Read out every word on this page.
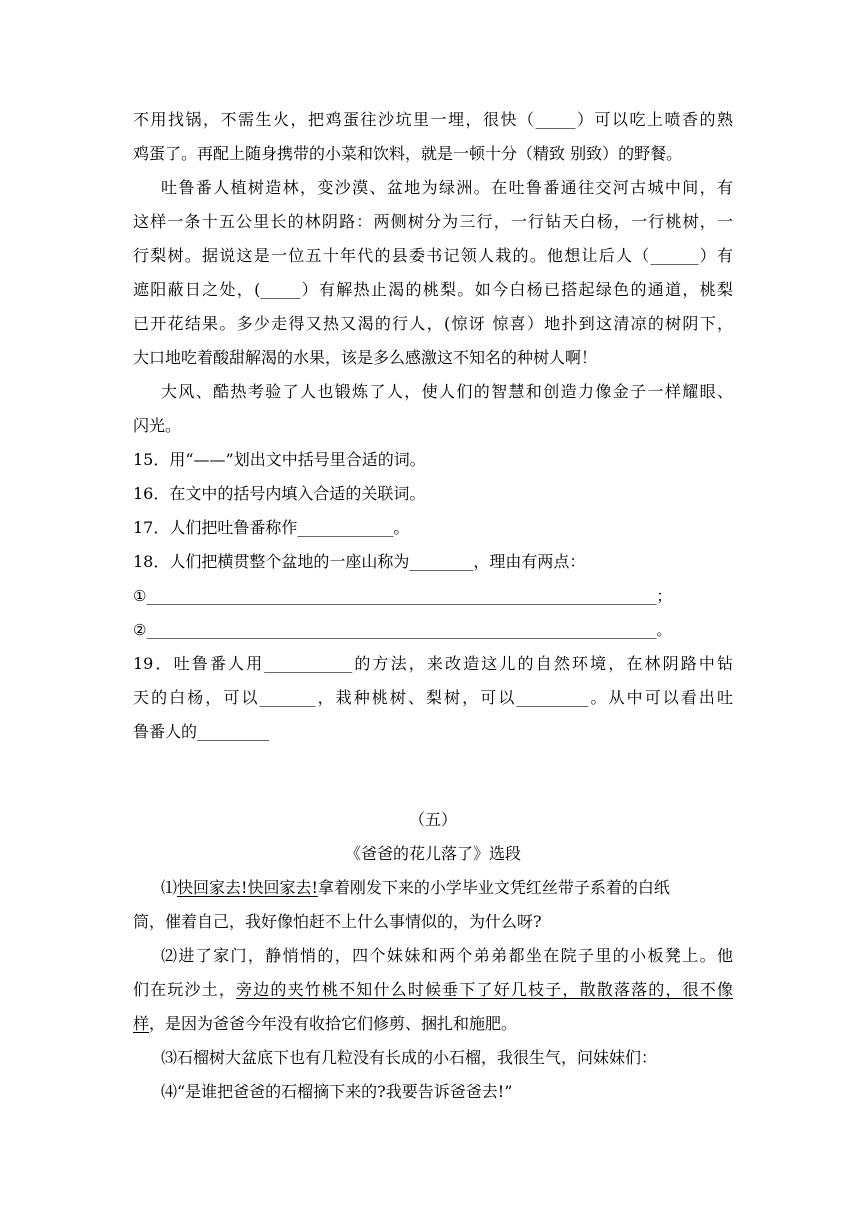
不用找锅，不需生火，把鸡蛋往沙坑里一埋，很快（_____）可以吃上喷香的熟
鸡蛋了。再配上随身携带的小菜和饮料，就是一顿十分（精致 别致）的野餐。
吐鲁番人植树造林，变沙漠、盆地为绿洲。在吐鲁番通往交河古城中间，有
这样一条十五公里长的林阴路：两侧树分为三行，一行钻天白杨，一行桃树，一
行梨树。据说这是一位五十年代的县委书记领人栽的。他想让后人（______）有
遮阳蔽日之处，(_____）有解热止渴的桃梨。如今白杨已搭起绿色的通道，桃梨
已开花结果。多少走得又热又渴的行人，(惊讶 惊喜）地扑到这清凉的树阴下，
大口地吃着酸甜解渴的水果，该是多么感激这不知名的种树人啊！
大风、酷热考验了人也锻炼了人，使人们的智慧和创造力像金子一样耀眼、
闪光。
15．用“——”划出文中括号里合适的词。
16．在文中的括号内填入合适的关联词。
17．人们把吐鲁番称作____________。
18．人们把横贯整个盆地的一座山称为________，理由有两点：
①____________________________________________________________________；
②____________________________________________________________________。
19．吐鲁番人用___________的方法，来改造这儿的自然环境，在林阴路中钻
天的白杨，可以_______，栽种桃树、梨树，可以_________。从中可以看出吐
鲁番人的_________
（五）
《爸爸的花儿落了》选段
⑴快回家去!快回家去!拿着刚发下来的小学毕业文凭红丝带子系着的白纸
筒，催着自己，我好像怕赶不上什么事情似的，为什么呀?
⑵进了家门，静悄悄的，四个妹妹和两个弟弟都坐在院子里的小板凳上。他
们在玩沙土，旁边的夹竹桃不知什么时候垂下了好几枝子，散散落落的，很不像
样，是因为爸爸今年没有收拾它们修剪、捆扎和施肥。
⑶石榴树大盆底下也有几粒没有长成的小石榴，我很生气，问妹妹们：
⑷“是谁把爸爸的石榴摘下来的?我要告诉爸爸去!”
